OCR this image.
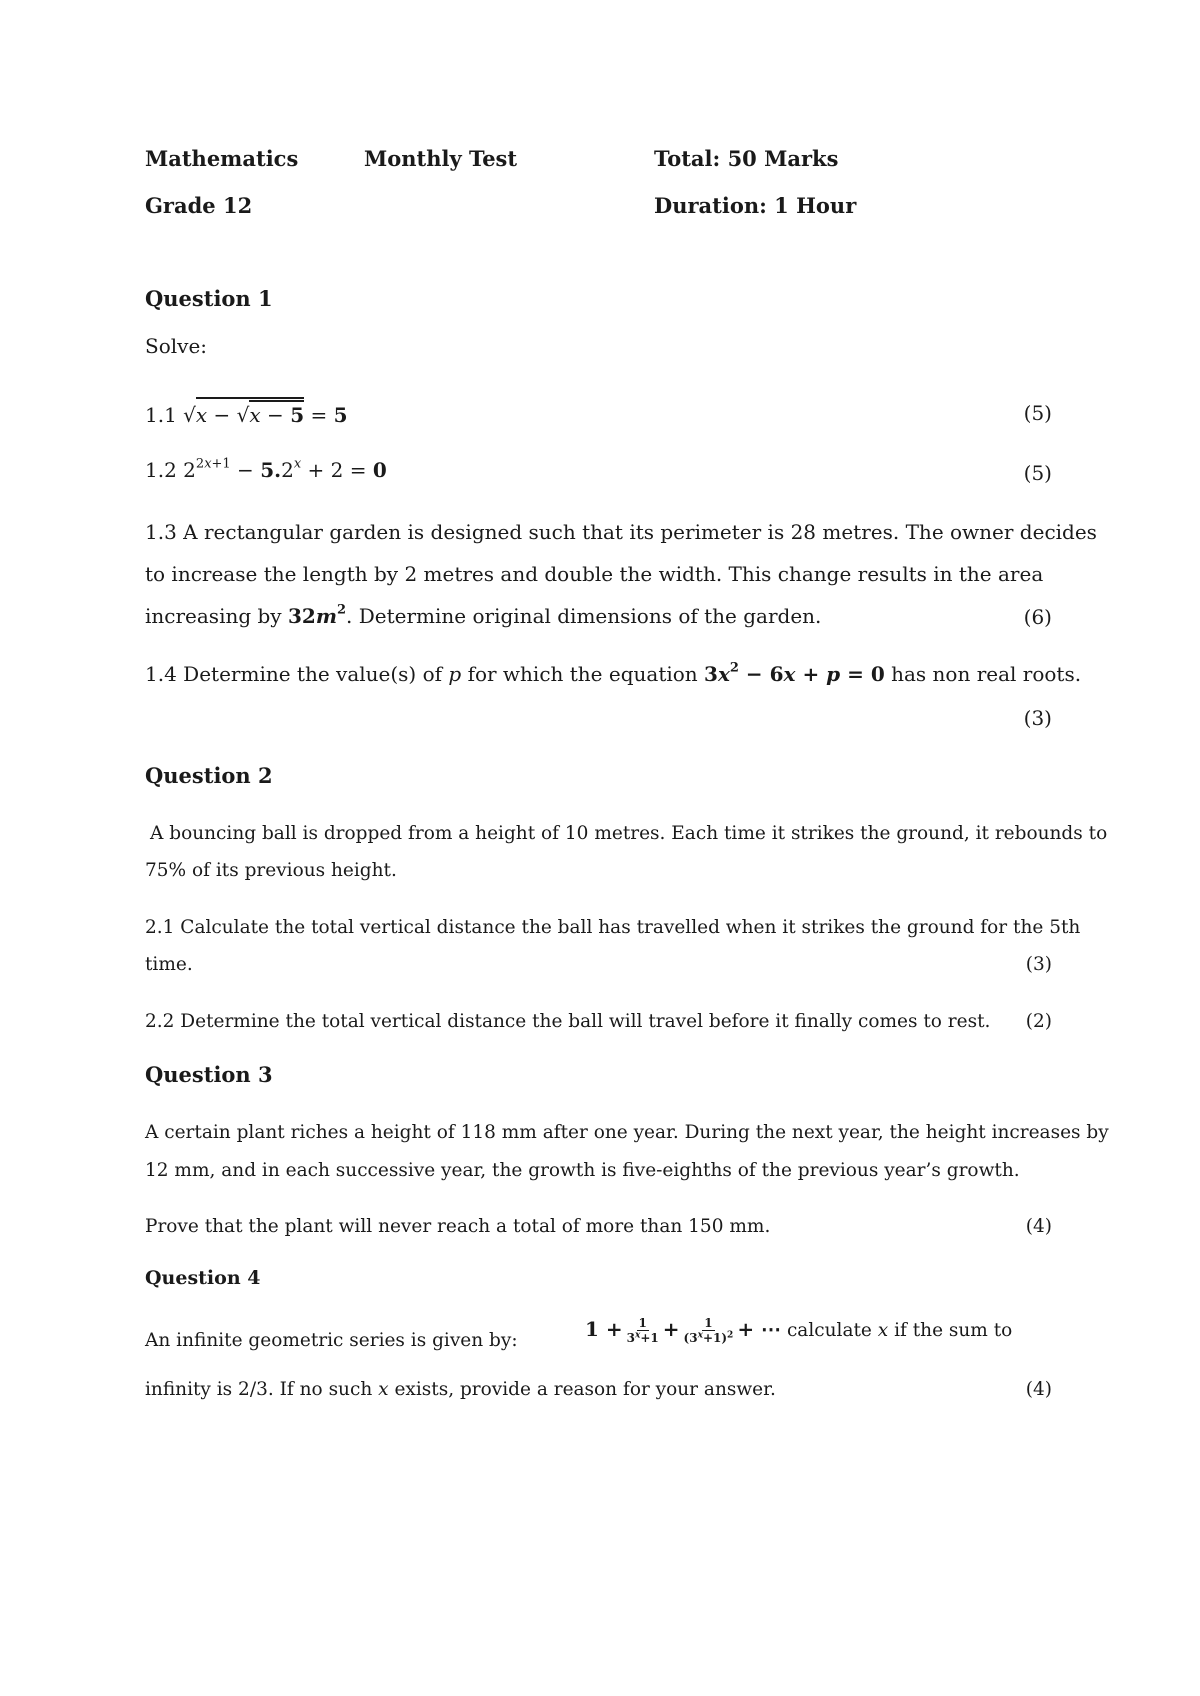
Mathematics	Monthly Test	Total: 50 Marks
Grade 12	Duration: 1 Hour
Question 1
Solve:
1.1 √x − √x − 5 = 5	(5)
1.2 $2^{2x+1} - 5.2^x + 2 = 0$	(5)
1.3 A rectangular garden is designed such that its perimeter is 28 metres. The owner decides
to increase the length by 2 metres and double the width. This change results in the area
increasing by $32m^2$. Determine original dimensions of the garden.	(6)
1.4 Determine the value(s) of p for which the equation $3x^2 - 6x + p = 0$ has non real roots.
(3)
Question 2
A bouncing ball is dropped from a height of 10 metres. Each time it strikes the ground, it rebounds to
75% of its previous height.
2.1 Calculate the total vertical distance the ball has travelled when it strikes the ground for the 5th
time.	(3)
2.2 Determine the total vertical distance the ball will travel before it finally comes to rest. (2)
Question 3
A certain plant riches a height of 118 mm after one year. During the next year, the height increases by
12 mm, and in each successive year, the growth is five-eighths of the previous year’s growth.
Prove that the plant will never reach a total of more than 150 mm.	(4)
Question 4
An infinite geometric series is given by:	$1 + \frac{1}{3^x+1} + \frac{1}{(3^x+1)^2}$ + ⋯ calculate x if the sum to
infinity is 2/3. If no such x exists, provide a reason for your answer.	(4)
